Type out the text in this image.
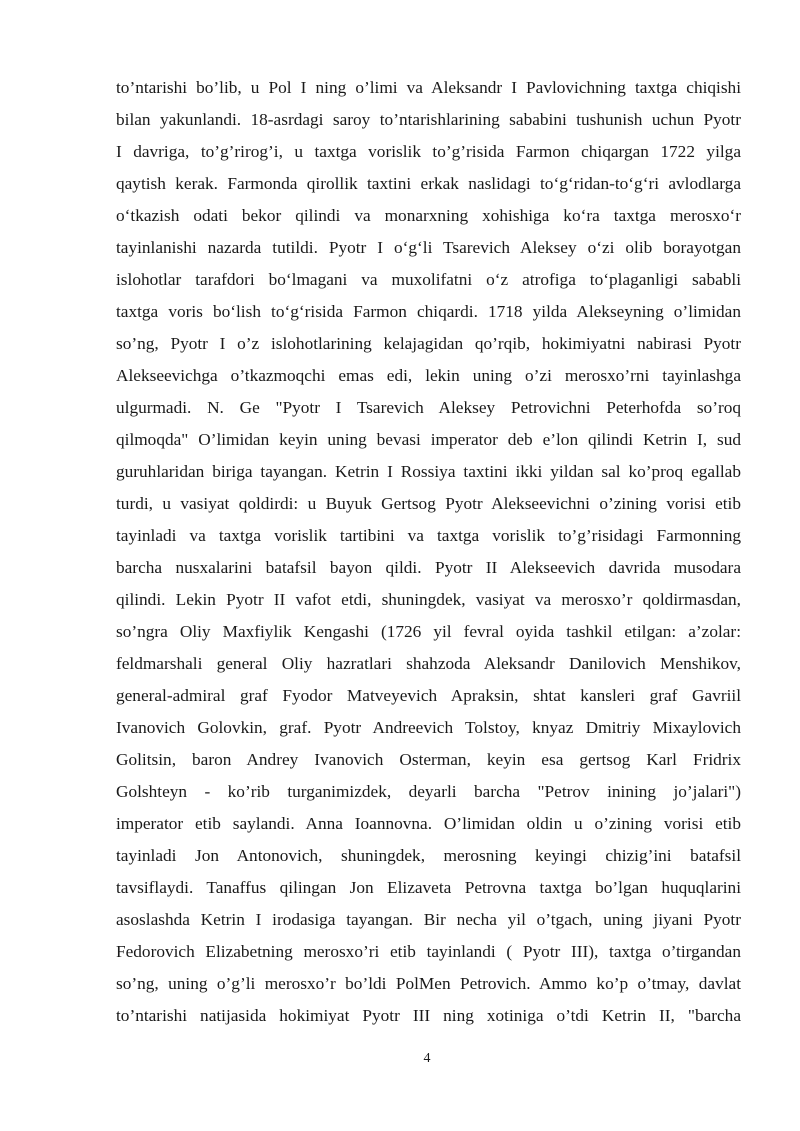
to’ntarishi bo’lib, u Pol I ning o’limi va Aleksandr I Pavlovichning taxtga chiqishi
bilan yakunlandi. 18-asrdagi saroy to’ntarishlarining sababini tushunish uchun Pyotr
I davriga, to’g’rirog’i, u taxtga vorislik to’g’risida Farmon chiqargan 1722 yilga
qaytish kerak. Farmonda qirollik taxtini erkak naslidagi to‘g‘ridan-to‘g‘ri avlodlarga
o‘tkazish odati bekor qilindi va monarxning xohishiga ko‘ra taxtga merosxo‘r
tayinlanishi nazarda tutildi. Pyotr I o‘g‘li Tsarevich Aleksey o‘zi olib borayotgan
islohotlar tarafdori bo‘lmagani va muxolifatni o‘z atrofiga to‘plaganligi sababli
taxtga voris bo‘lish to‘g‘risida Farmon chiqardi. 1718 yilda Alekseyning o’limidan
so’ng, Pyotr I o’z islohotlarining kelajagidan qo’rqib, hokimiyatni nabirasi Pyotr
Alekseevichga o’tkazmoqchi emas edi, lekin uning o’zi merosxo’rni tayinlashga
ulgurmadi. N. Ge "Pyotr I Tsarevich Aleksey Petrovichni Peterhofda so’roq
qilmoqda" O’limidan keyin uning bevasi imperator deb e’lon qilindi Ketrin I, sud
guruhlaridan biriga tayangan. Ketrin I Rossiya taxtini ikki yildan sal ko’proq egallab
turdi, u vasiyat qoldirdi: u Buyuk Gertsog Pyotr Alekseevichni o’zining vorisi etib
tayinladi va taxtga vorislik tartibini va taxtga vorislik to’g’risidagi Farmonning
barcha nusxalarini batafsil bayon qildi. Pyotr II Alekseevich davrida musodara
qilindi. Lekin Pyotr II vafot etdi, shuningdek, vasiyat va merosxo’r qoldirmasdan,
so’ngra Oliy Maxfiylik Kengashi (1726 yil fevral oyida tashkil etilgan: a’zolar:
feldmarshali general Oliy hazratlari shahzoda Aleksandr Danilovich Menshikov,
general-admiral graf Fyodor Matveyevich Apraksin, shtat kansleri graf Gavriil
Ivanovich Golovkin, graf. Pyotr Andreevich Tolstoy, knyaz Dmitriy Mixaylovich
Golitsin, baron Andrey Ivanovich Osterman, keyin esa gertsog Karl Fridrix
Golshteyn - ko’rib turganimizdek, deyarli barcha "Petrov inining jo’jalari")
imperator etib saylandi. Anna Ioannovna. O’limidan oldin u o’zining vorisi etib
tayinladi Jon Antonovich, shuningdek, merosning keyingi chizig’ini batafsil
tavsiflaydi. Tanaffus qilingan Jon Elizaveta Petrovna taxtga bo’lgan huquqlarini
asoslashda Ketrin I irodasiga tayangan. Bir necha yil o’tgach, uning jiyani Pyotr
Fedorovich Elizabetning merosxo’ri etib tayinlandi ( Pyotr III), taxtga o’tirgandan
so’ng, uning o’g’li merosxo’r bo’ldi PolMen Petrovich. Ammo ko’p o’tmay, davlat
to’ntarishi natijasida hokimiyat Pyotr III ning xotiniga o’tdi Ketrin II, "barcha
4
